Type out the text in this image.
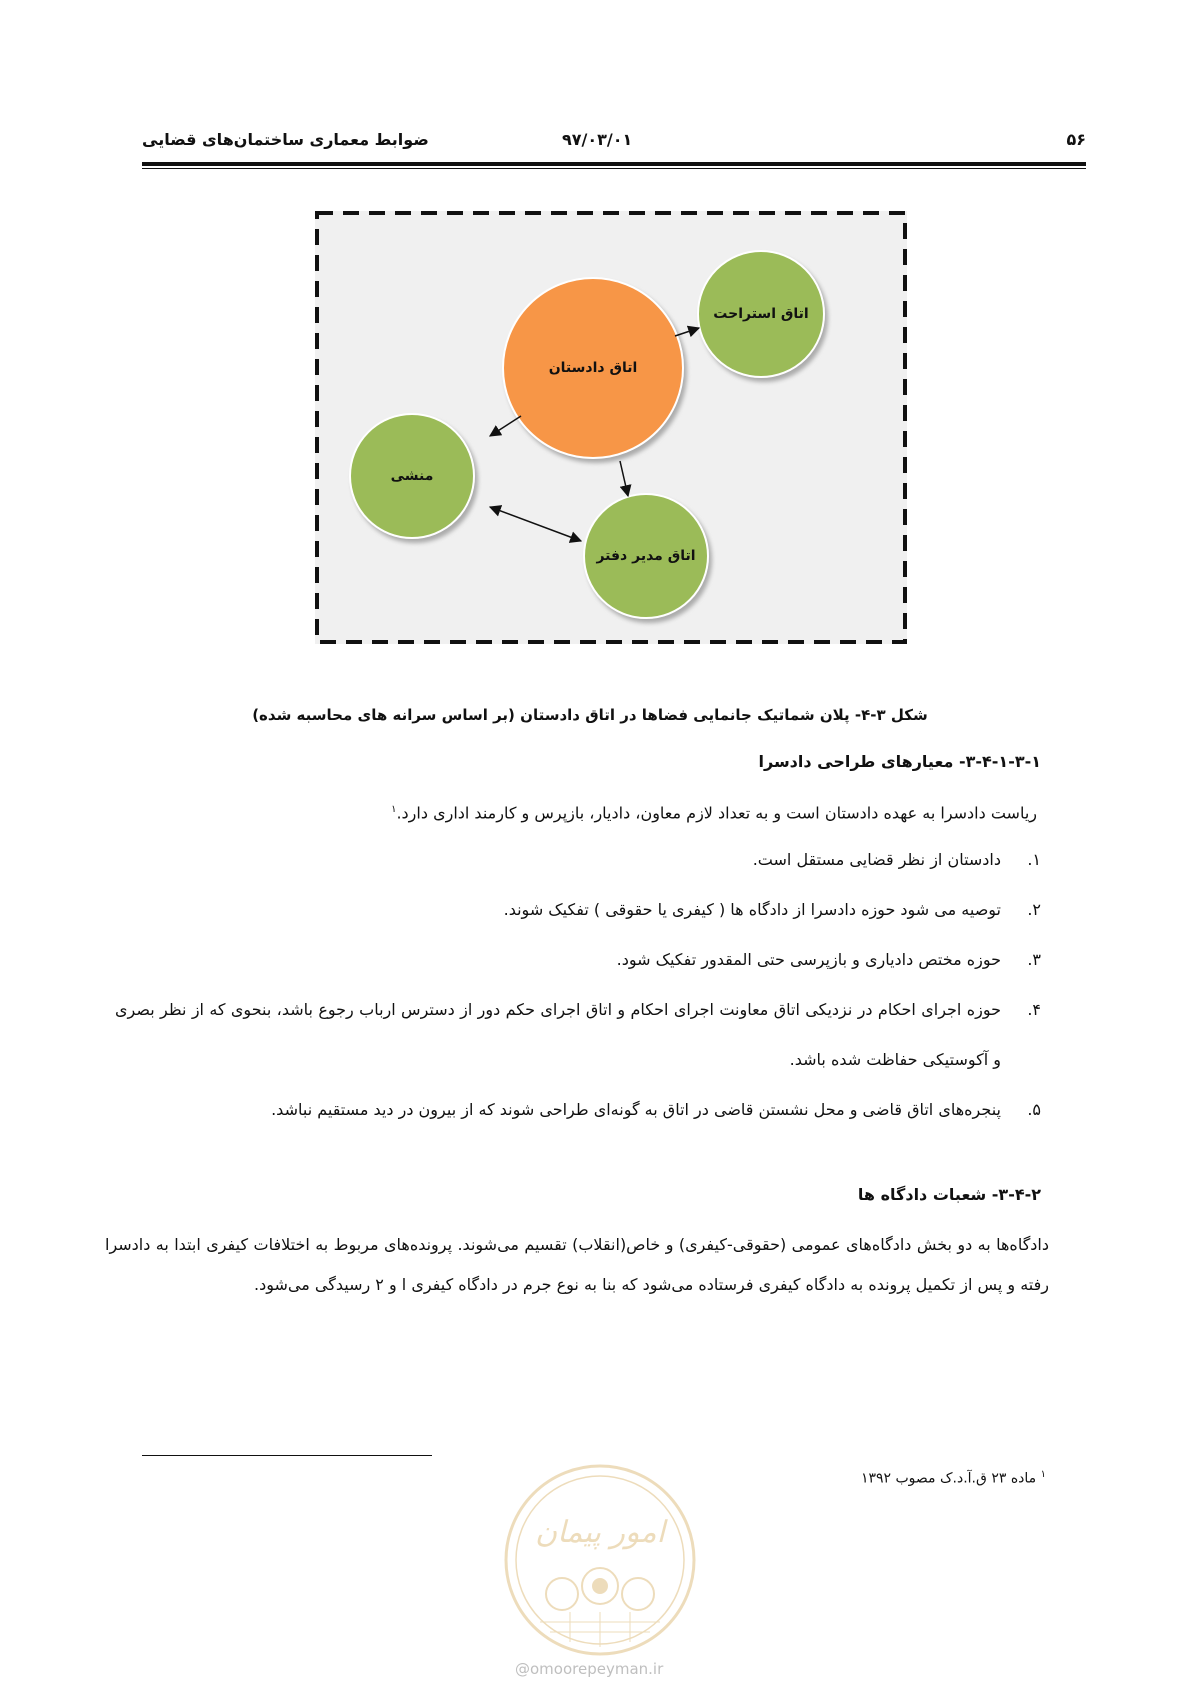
۵۶
۹۷/۰۳/۰۱
ضوابط معماری ساختمان‌های قضایی
اتاق دادستان
اتاق استراحت
منشی
اتاق مدیر دفتر
شکل ۳-۴- پلان شماتیک جانمایی فضاها در اتاق دادستان (بر اساس سرانه های محاسبه شده)
۳-۴-۱-۳-۱- معیارهای طراحی دادسرا
ریاست دادسرا به عهده دادستان است و به تعداد لازم معاون، دادیار، بازپرس و کارمند اداری دارد.$^۱$
۱.
دادستان از نظر قضایی مستقل است.
۲.
توصیه می شود حوزه دادسرا از دادگاه ها ( کیفری یا حقوقی ) تفکیک شوند.
۳.
حوزه مختص دادیاری و بازپرسی حتی المقدور تفکیک شود.
۴.
حوزه اجرای احکام در نزدیکی اتاق معاونت اجرای احکام و اتاق اجرای حکم دور از دسترس ارباب رجوع باشد، بنحوی که از نظر بصری و آکوستیکی حفاظت شده باشد.
۵.
پنجره‌های اتاق قاضی و محل نشستن قاضی در اتاق به گونه‌ای طراحی شوند که از بیرون در دید مستقیم نباشد.
۳-۴-۲- شعبات دادگاه ها
دادگاه‌ها به دو بخش دادگاه‌های عمومی (حقوقی-کیفری) و خاص(انقلاب) تقسیم می‌شوند. پرونده‌های مربوط به اختلافات کیفری ابتدا به دادسرا رفته و پس از تکمیل پرونده به دادگاه کیفری فرستاده می‌شود که بنا به نوع جرم در دادگاه کیفری ا و ۲ رسیدگی می‌شود.
$^۱$ ماده ۲۳ ق.آ.د.ک مصوب ۱۳۹۲
امور پیمان
@omoorepeyman.ir
